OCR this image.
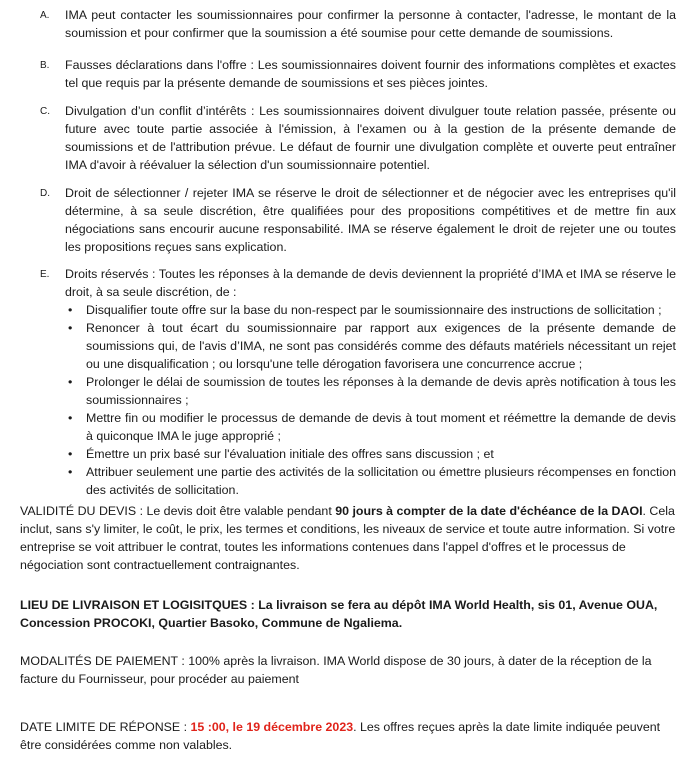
A. IMA peut contacter les soumissionnaires pour confirmer la personne à contacter, l'adresse, le montant de la soumission et pour confirmer que la soumission a été soumise pour cette demande de soumissions.
B. Fausses déclarations dans l'offre : Les soumissionnaires doivent fournir des informations complètes et exactes tel que requis par la présente demande de soumissions et ses pièces jointes.
C. Divulgation d’un conflit d’intérêts : Les soumissionnaires doivent divulguer toute relation passée, présente ou future avec toute partie associée à l'émission, à l'examen ou à la gestion de la présente demande de soumissions et de l'attribution prévue. Le défaut de fournir une divulgation complète et ouverte peut entraîner IMA d'avoir à réévaluer la sélection d'un soumissionnaire potentiel.
D. Droit de sélectionner / rejeter IMA se réserve le droit de sélectionner et de négocier avec les entreprises qu'il détermine, à sa seule discrétion, être qualifiées pour des propositions compétitives et de mettre fin aux négociations sans encourir aucune responsabilité. IMA se réserve également le droit de rejeter une ou toutes les propositions reçues sans explication.
E. Droits réservés : Toutes les réponses à la demande de devis deviennent la propriété d’IMA et IMA se réserve le droit, à sa seule discrétion, de :
• Disqualifier toute offre sur la base du non-respect par le soumissionnaire des instructions de sollicitation ;
• Renoncer à tout écart du soumissionnaire par rapport aux exigences de la présente demande de soumissions qui, de l'avis d’IMA, ne sont pas considérés comme des défauts matériels nécessitant un rejet ou une disqualification ; ou lorsqu'une telle dérogation favorisera une concurrence accrue ;
• Prolonger le délai de soumission de toutes les réponses à la demande de devis après notification à tous les soumissionnaires ;
• Mettre fin ou modifier le processus de demande de devis à tout moment et réémettre la demande de devis à quiconque IMA le juge approprié ;
• Émettre un prix basé sur l'évaluation initiale des offres sans discussion ; et
• Attribuer seulement une partie des activités de la sollicitation ou émettre plusieurs récompenses en fonction des activités de sollicitation.
VALIDITÉ DU DEVIS : Le devis doit être valable pendant 90 jours à compter de la date d'échéance de la DAOI. Cela inclut, sans s'y limiter, le coût, le prix, les termes et conditions, les niveaux de service et toute autre information. Si votre entreprise se voit attribuer le contrat, toutes les informations contenues dans l'appel d'offres et le processus de négociation sont contractuellement contraignantes.
LIEU DE LIVRAISON ET LOGISITQUES : La livraison se fera au dépôt IMA World Health, sis 01, Avenue OUA, Concession PROCOKI, Quartier Basoko, Commune de Ngaliema.
MODALITÉS DE PAIEMENT : 100% après la livraison. IMA World dispose de 30 jours, à dater de la réception de la facture du Fournisseur, pour procéder au paiement
DATE LIMITE DE RÉPONSE : 15 :00, le 19 décembre 2023. Les offres reçues après la date limite indiquée peuvent être considérées comme non valables.
